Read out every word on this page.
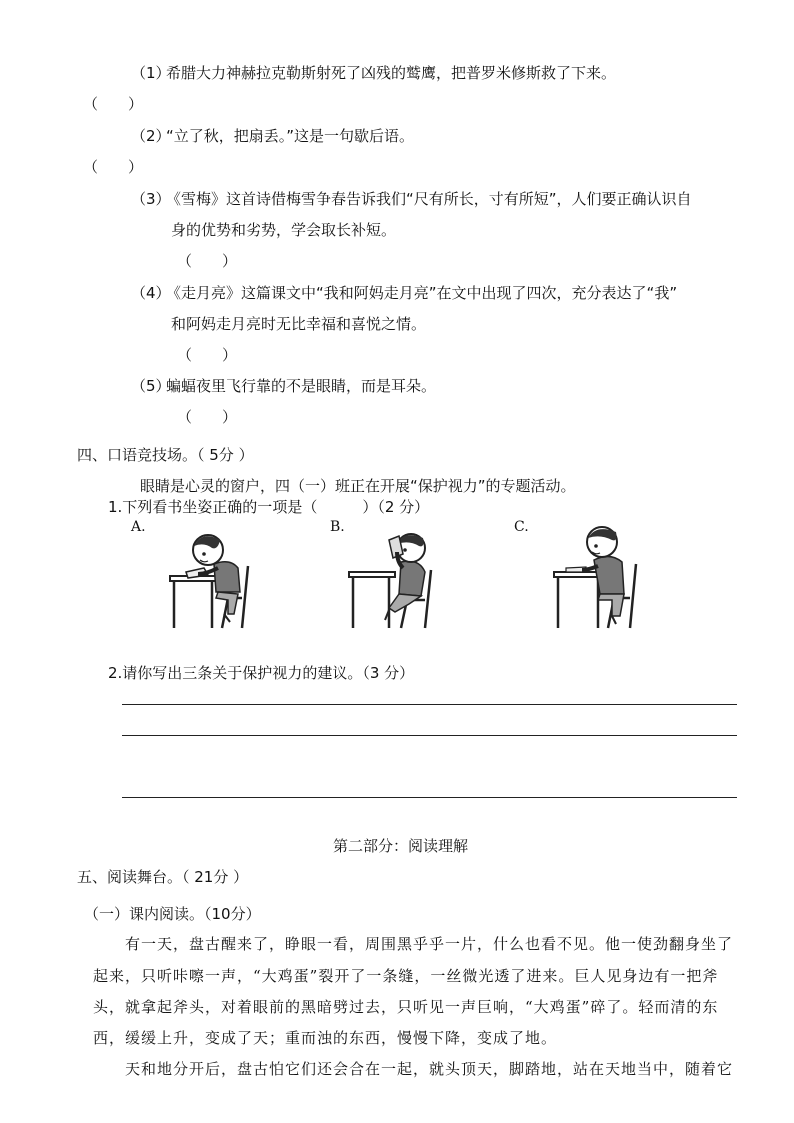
（1）
希腊大力神赫拉克勒斯射死了凶残的鹫鹰，把普罗米修斯救了下来。
（　　）
（2）
“立了秋，把扇丢。”这是一句歇后语。
（　　）
（3）
《雪梅》这首诗借梅雪争春告诉我们“尺有所长，寸有所短”，人们要正确认识自
身的优势和劣势，学会取长补短。
（　　）
（4）
《走月亮》这篇课文中“我和阿妈走月亮”在文中出现了四次，充分表达了“我”
和阿妈走月亮时无比幸福和喜悦之情。
（　　）
（5）
蝙蝠夜里飞行靠的不是眼睛，而是耳朵。
（　　）
四、口语竞技场。（ 5分 ）
眼睛是心灵的窗户，四（一）班正在开展“保护视力”的专题活动。
1.下列看书坐姿正确的一项是（　　　）（2 分）
A.	B.	C.
2.请你写出三条关于保护视力的建议。（3 分）
第二部分：阅读理解
五、阅读舞台。（ 21分 ）
（一）课内阅读。（10分）
有一天，盘古醒来了，睁眼一看，周围黑乎乎一片，什么也看不见。他一使劲翻身坐了
起来，只听咔嚓一声，“大鸡蛋”裂开了一条缝，一丝微光透了进来。巨人见身边有一把斧
头，就拿起斧头，对着眼前的黑暗劈过去，只听见一声巨响，“大鸡蛋”碎了。轻而清的东
西，缓缓上升，变成了天；重而浊的东西，慢慢下降，变成了地。
天和地分开后，盘古怕它们还会合在一起，就头顶天，脚踏地，站在天地当中，随着它
